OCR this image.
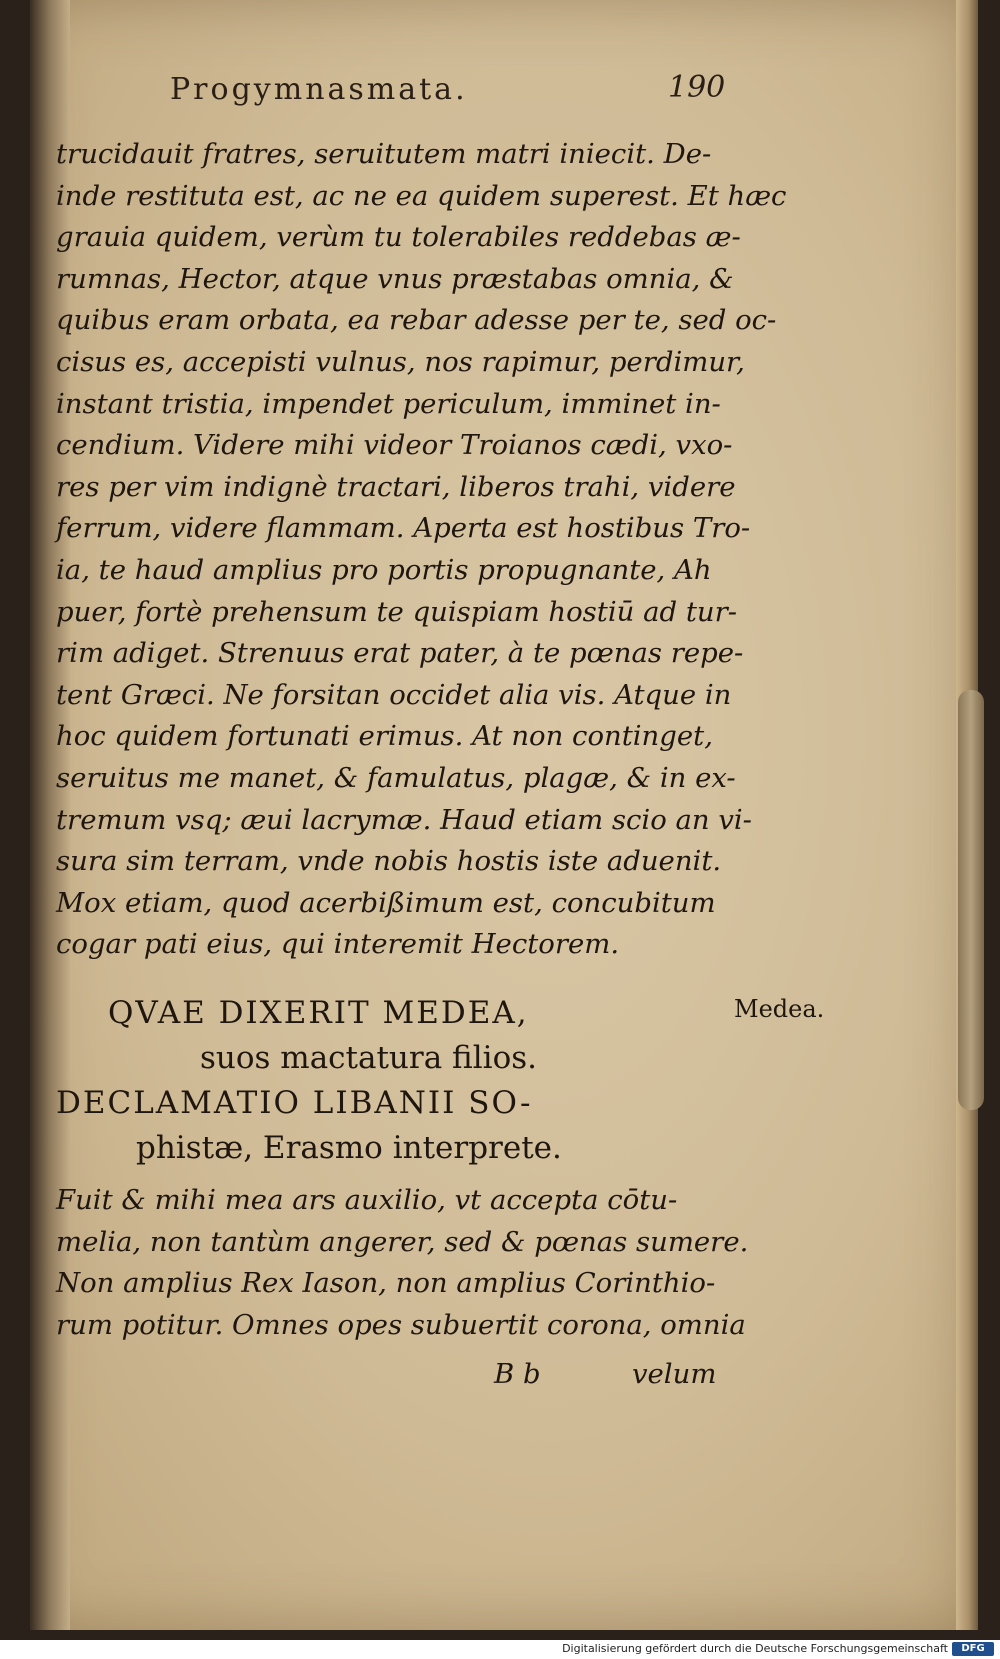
Progymnasmata.	190
trucidauit fratres, seruitutem matri iniecit. De-
inde restituta est, ac ne ea quidem superest. Et hæc
grauia quidem, verùm tu tolerabiles reddebas æ-
rumnas, Hector, atque vnus præstabas omnia, &
quibus eram orbata, ea rebar adesse per te, sed oc-
cisus es, accepisti vulnus, nos rapimur, perdimur,
instant tristia, impendet periculum, imminet in-
cendium. Videre mihi videor Troianos cædi, vxo-
res per vim indignè tractari, liberos trahi, videre
ferrum, videre flammam. Aperta est hostibus Tro-
ia, te haud amplius pro portis propugnante, Ah
puer, fortè prehensum te quispiam hostiū ad tur-
rim adiget. Strenuus erat pater, à te pœnas repe-
tent Græci. Ne forsitan occidet alia vis. Atque in
hoc quidem fortunati erimus. At non continget,
seruitus me manet, & famulatus, plagæ, & in ex-
tremum vsq; æui lacrymæ. Haud etiam scio an vi-
sura sim terram, vnde nobis hostis iste aduenit.
Mox etiam, quod acerbißimum est, concubitum
cogar pati eius, qui interemit Hectorem.
QVAE DIXERIT MEDEA,
suos mactatura filios.
DECLAMATIO LIBANII SO-
phistæ, Erasmo interprete.
Medea.
Fuit & mihi mea ars auxilio, vt accepta cōtu-
melia, non tantùm angerer, sed & pœnas sumere.
Non amplius Rex Iason, non amplius Corinthio-
rum potitur. Omnes opes subuertit corona, omnia
B b	velum
Digitalisierung gefördert durch die Deutsche Forschungsgemeinschaft	DFG
